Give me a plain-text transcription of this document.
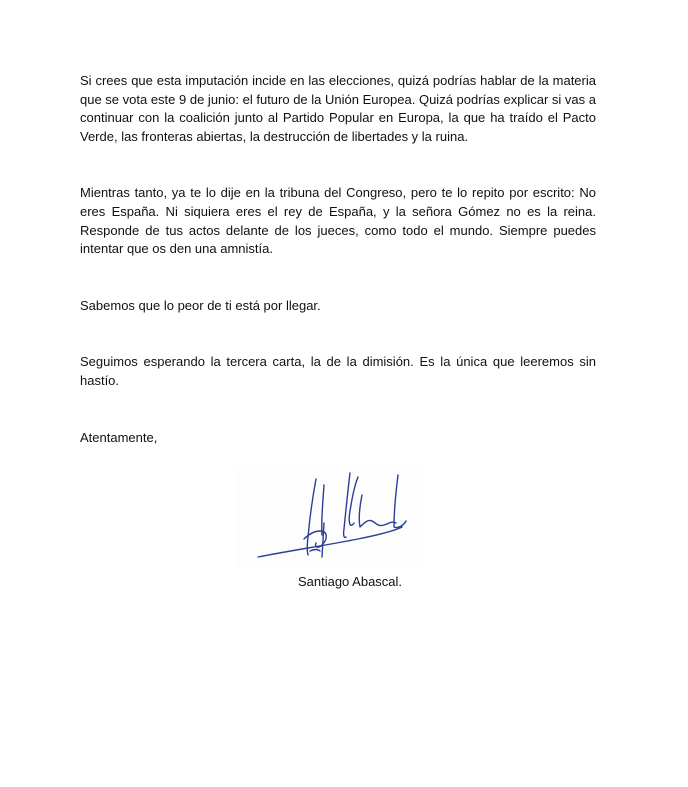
Si crees que esta imputación incide en las elecciones, quizá podrías hablar de la materia que se vota este 9 de junio: el futuro de la Unión Europea. Quizá podrías explicar si vas a continuar con la coalición junto al Partido Popular en Europa, la que ha traído el Pacto Verde, las fronteras abiertas, la destrucción de libertades y la ruina.

Mientras tanto, ya te lo dije en la tribuna del Congreso, pero te lo repito por escrito: No eres España. Ni siquiera eres el rey de España, y la señora Gómez no es la reina. Responde de tus actos delante de los jueces, como todo el mundo. Siempre puedes intentar que os den una amnistía.

Sabemos que lo peor de ti está por llegar.

Seguimos esperando la tercera carta, la de la dimisión. Es la única que leeremos sin hastío.

Atentamente,

Santiago Abascal.
